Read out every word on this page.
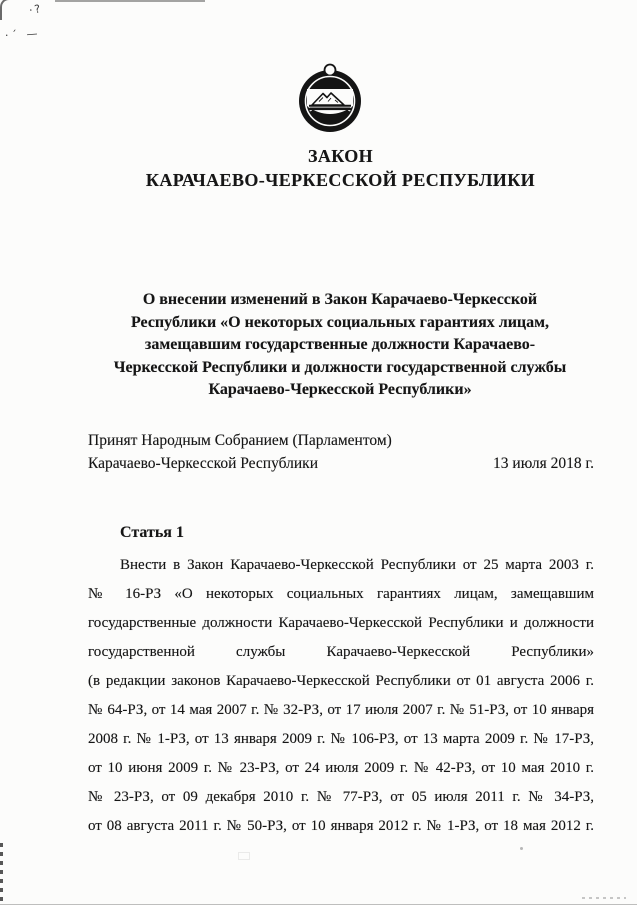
·?
·´ —
ЗАКОН
КАРАЧАЕВО-ЧЕРКЕССКОЙ РЕСПУБЛИКИ
О внесении изменений в Закон Карачаево-Черкесской
Республики «О некоторых социальных гарантиях лицам,
замещавшим государственные должности Карачаево-
Черкесской Республики и должности государственной службы
Карачаево-Черкесской Республики»
Принят Народным Собранием (Парламентом)
Карачаево-Черкесской Республики	13 июля 2018 г.
Статья 1
Внести в Закон Карачаево-Черкесской Республики от 25 марта 2003 г.
№ 16-РЗ «О некоторых социальных гарантиях лицам, замещавшим
государственные должности Карачаево-Черкесской Республики и должности
государственной службы Карачаево-Черкесской Республики»
(в редакции законов Карачаево-Черкесской Республики от 01 августа 2006 г.
№ 64-РЗ, от 14 мая 2007 г. № 32-РЗ, от 17 июля 2007 г. № 51-РЗ, от 10 января
2008 г. № 1-РЗ, от 13 января 2009 г. № 106-РЗ, от 13 марта 2009 г. № 17-РЗ,
от 10 июня 2009 г. № 23-РЗ, от 24 июля 2009 г. № 42-РЗ, от 10 мая 2010 г.
№ 23-РЗ, от 09 декабря 2010 г. № 77-РЗ, от 05 июля 2011 г. № 34-РЗ,
от 08 августа 2011 г. № 50-РЗ, от 10 января 2012 г. № 1-РЗ, от 18 мая 2012 г.
